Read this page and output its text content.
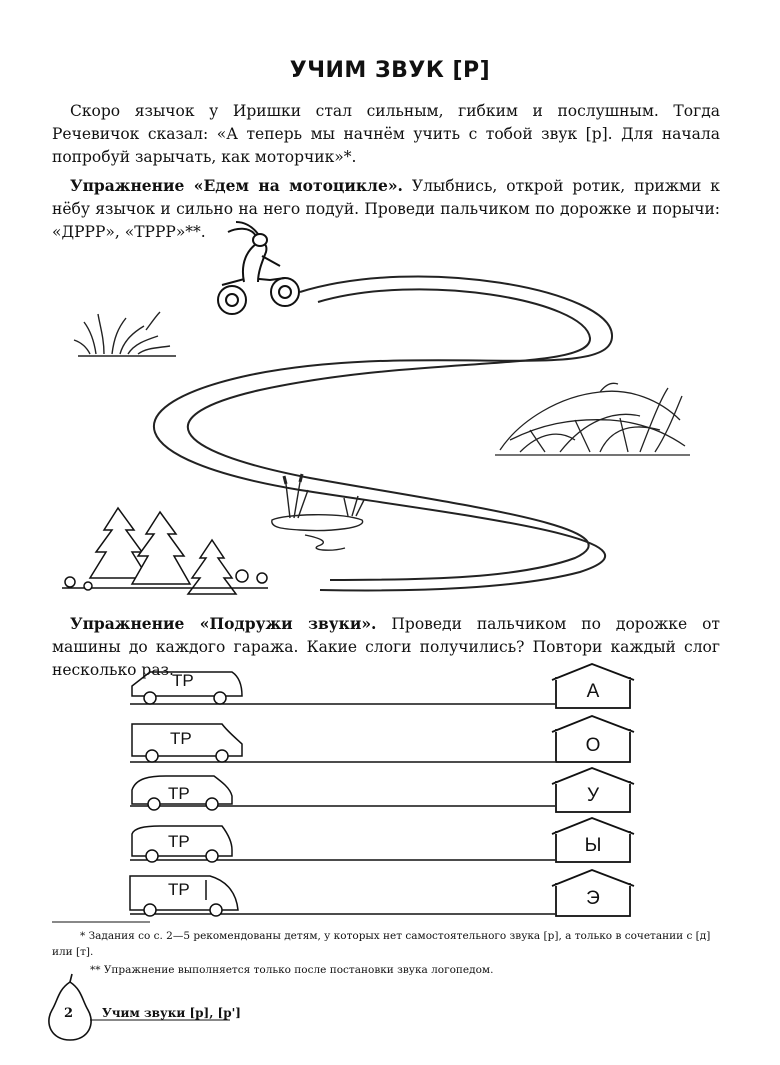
УЧИМ ЗВУК [Р]
Скоро язычок у Иришки стал сильным, гибким и послушным. Тогда Речевичок сказал: «А теперь мы начнём учить с тобой звук [р]. Для начала попробуй зарычать, как моторчик»*.
Упражнение «Едем на мотоцикле». Улыбнись, открой ротик, прижми к нёбу язычок и сильно на него подуй. Проведи пальчиком по дорожке и порычи: «ДРРР», «ТРРР»**.
ТР
ТР
ТР
ТР
ТР
А
О
У
Ы
Э
Упражнение «Подружи звуки». Проведи пальчиком по дорожке от машины до каждого гаража. Какие слоги получились? Повтори каждый слог несколько раз.
* Задания со с. 2—5 рекомендованы детям, у которых нет самостоятельного звука [р], а только в сочетании с [д] или [т].
** Упражнение выполняется только после постановки звука логопедом.
2 Учим звуки [р], [р']
